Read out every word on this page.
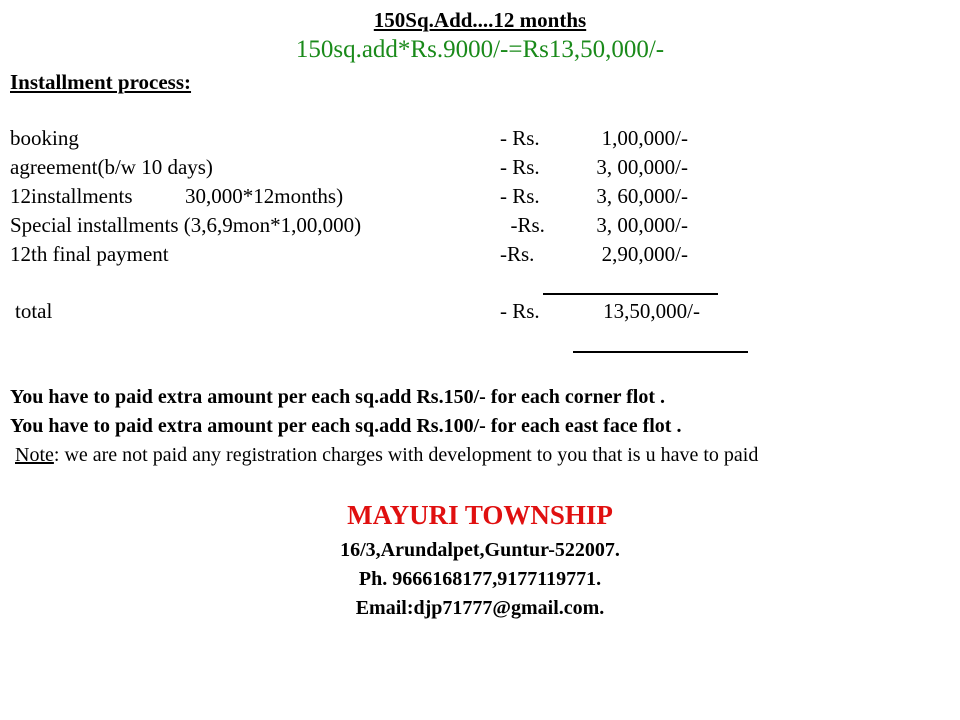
150Sq.Add....12 months
150sq.add*Rs.9000/-=Rs13,50,000/-
Installment process:
booking	- Rs.	1,00,000/-
agreement(b/w 10 days)	- Rs.	3, 00,000/-
12installments          30,000*12months)	- Rs.	3, 60,000/-
Special installments (3,6,9mon*1,00,000)	-Rs.	3, 00,000/-
12th final payment	-Rs.	2,90,000/-
total	- Rs.	13,50,000/-
You have to paid extra amount per each sq.add Rs.150/- for each corner flot .
You have to paid extra amount per each sq.add Rs.100/- for each east face flot .
Note: we are not paid any registration charges with development to you that is u have to paid
MAYURI TOWNSHIP
16/3,Arundalpet,Guntur-522007.
Ph. 9666168177,9177119771.
Email:djp71777@gmail.com.
